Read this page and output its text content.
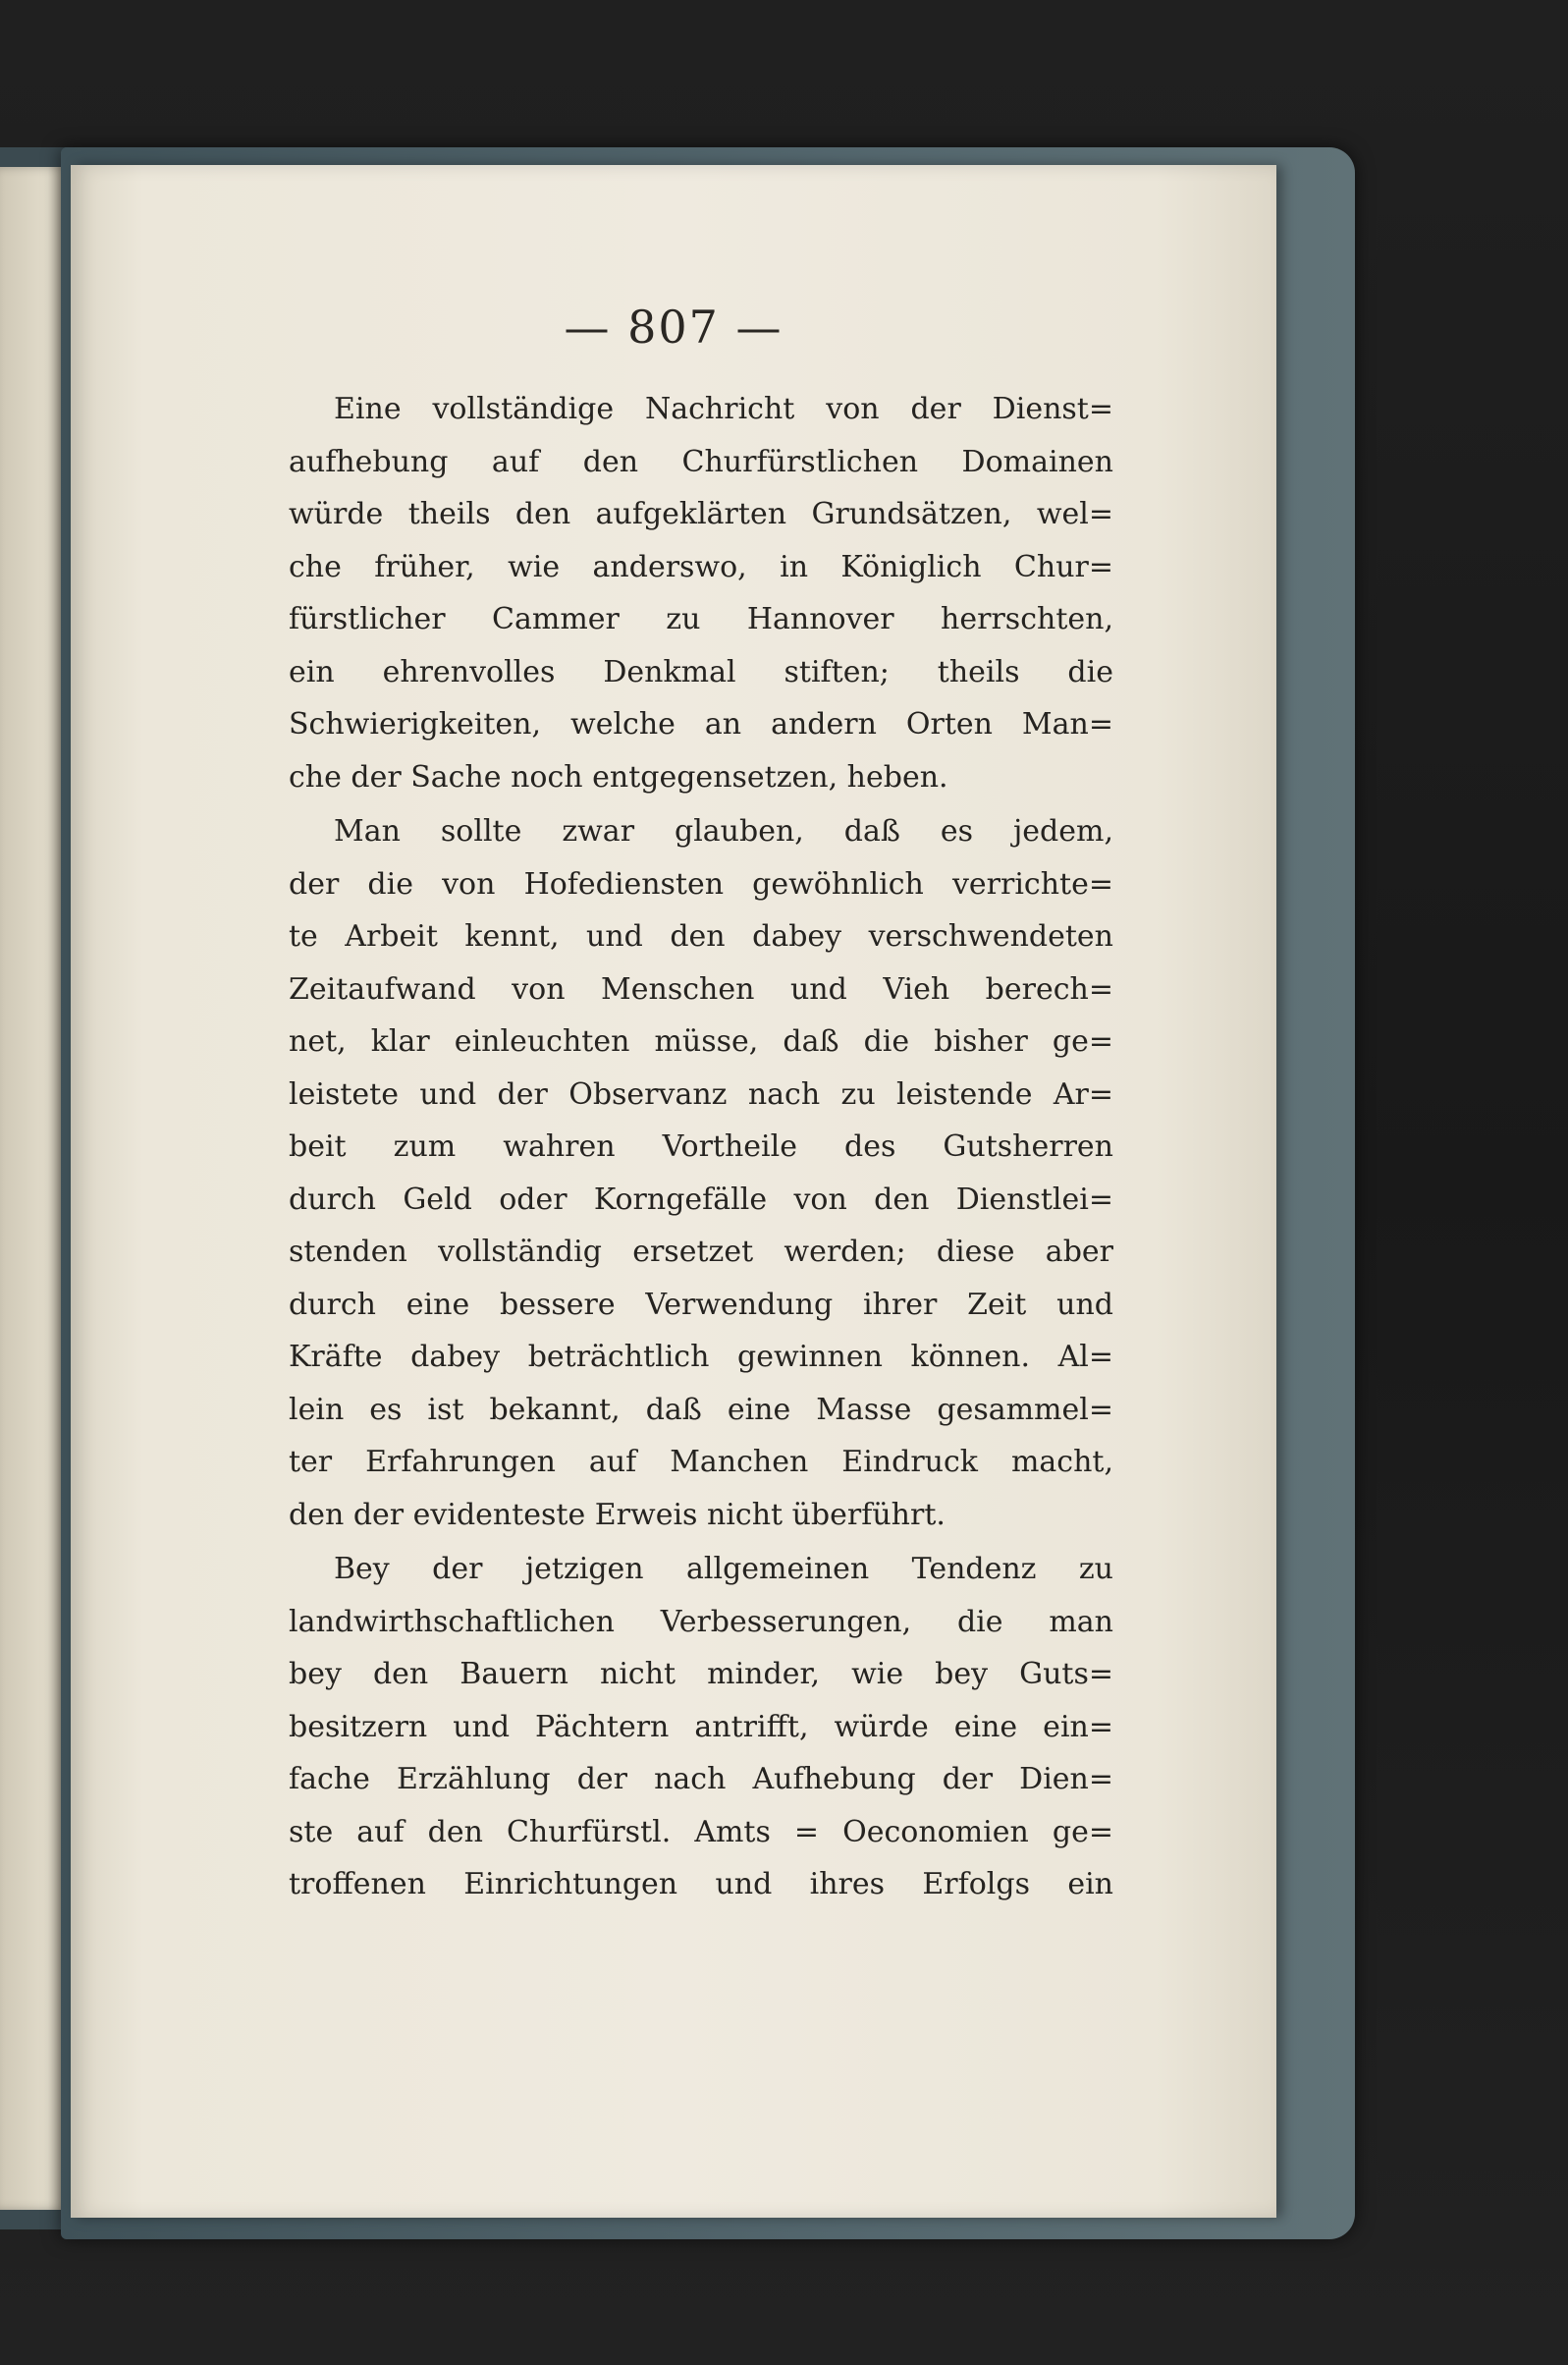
— 807 —
Eine vollständige Nachricht von der Dienst=
aufhebung auf den Churfürstlichen Domainen
würde theils den aufgeklärten Grundsätzen, wel=
che früher, wie anderswo, in Königlich Chur=
fürstlicher Cammer zu Hannover herrschten,
ein ehrenvolles Denkmal stiften; theils die
Schwierigkeiten, welche an andern Orten Man=
che der Sache noch entgegensetzen, heben.
Man sollte zwar glauben, daß es jedem,
der die von Hofediensten gewöhnlich verrichte=
te Arbeit kennt, und den dabey verschwendeten
Zeitaufwand von Menschen und Vieh berech=
net, klar einleuchten müsse, daß die bisher ge=
leistete und der Observanz nach zu leistende Ar=
beit zum wahren Vortheile des Gutsherren
durch Geld oder Korngefälle von den Dienstlei=
stenden vollständig ersetzet werden; diese aber
durch eine bessere Verwendung ihrer Zeit und
Kräfte dabey beträchtlich gewinnen können. Al=
lein es ist bekannt, daß eine Masse gesammel=
ter Erfahrungen auf Manchen Eindruck macht,
den der evidenteste Erweis nicht überführt.
Bey der jetzigen allgemeinen Tendenz zu
landwirthschaftlichen Verbesserungen, die man
bey den Bauern nicht minder, wie bey Guts=
besitzern und Pächtern antrifft, würde eine ein=
fache Erzählung der nach Aufhebung der Dien=
ste auf den Churfürstl. Amts = Oeconomien ge=
troffenen Einrichtungen und ihres Erfolgs ein
